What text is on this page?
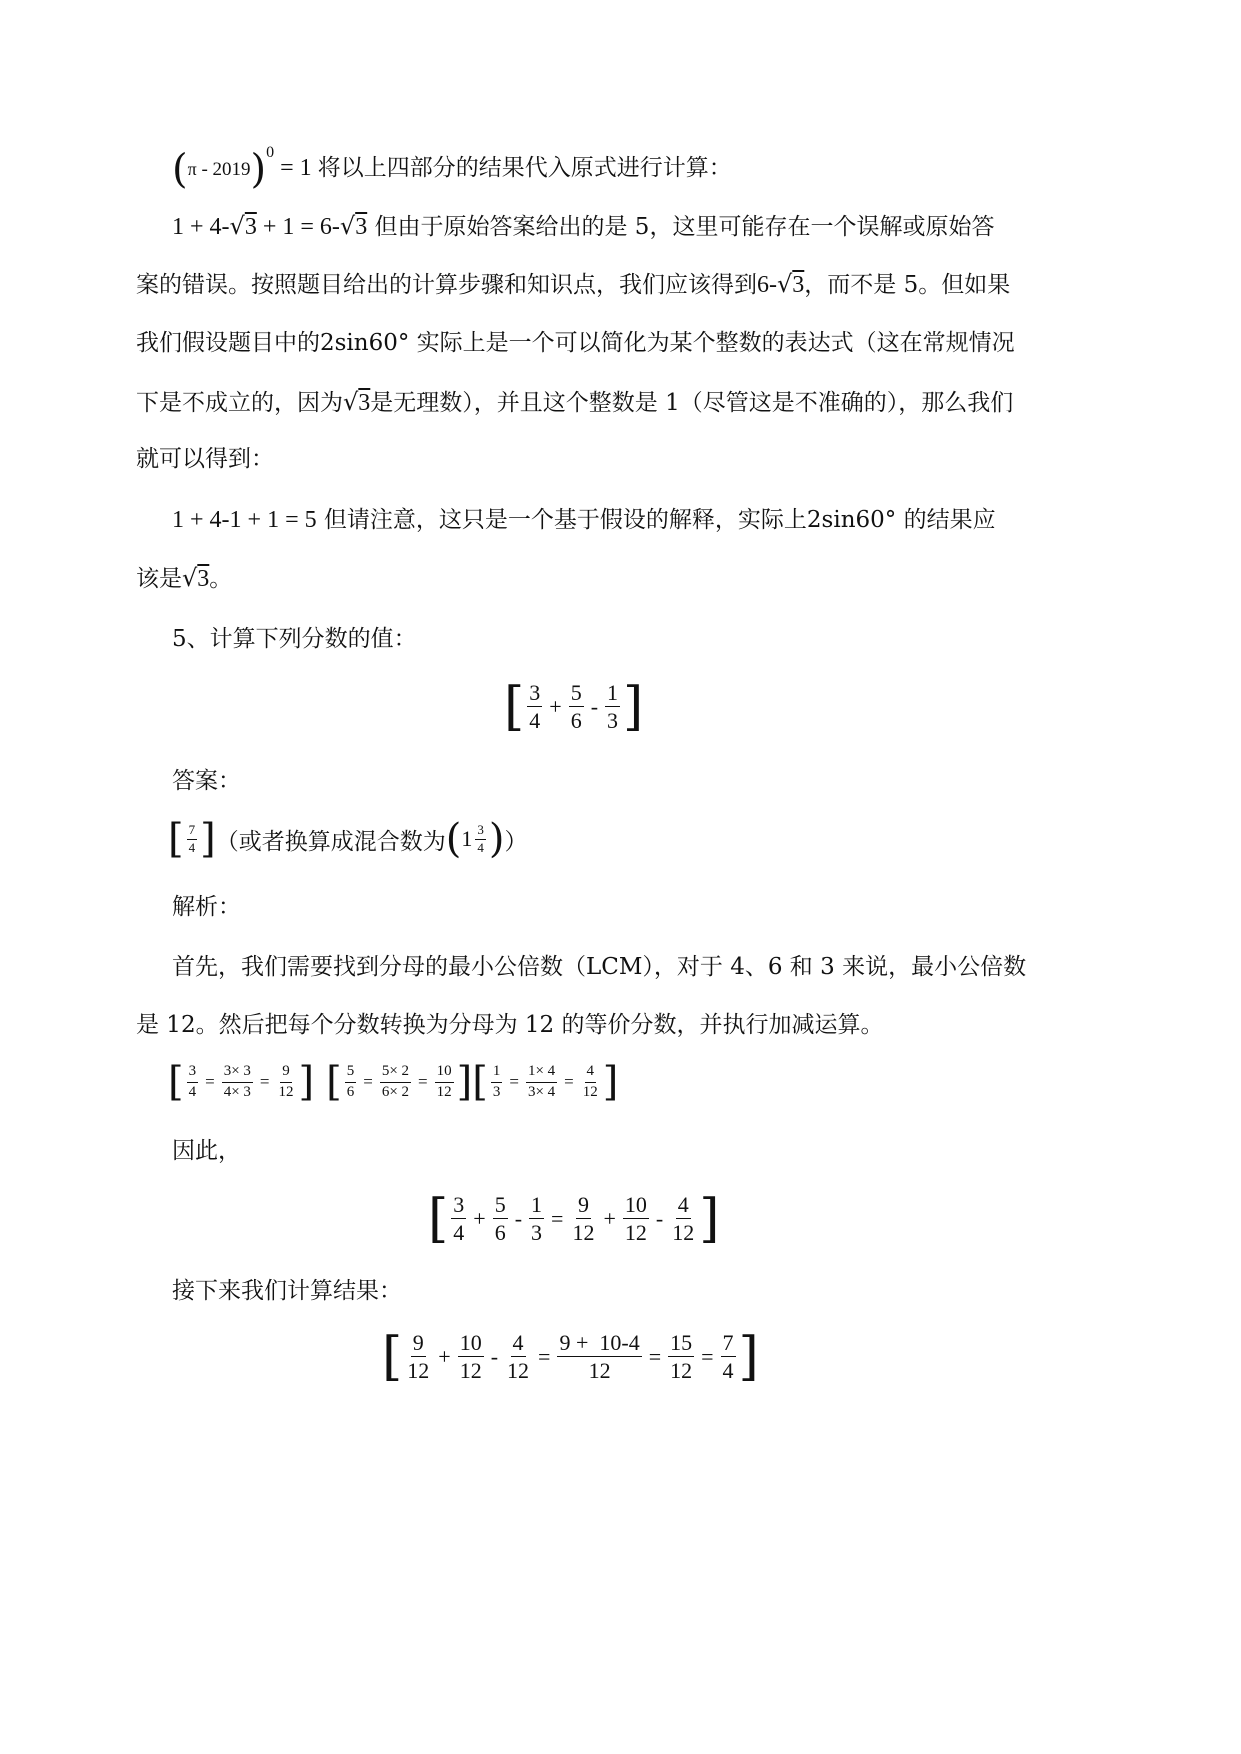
(π - 2019)$^0$ = 1 将以上四部分的结果代入原式进行计算：
1 + 4-√3 + 1 = 6-√3 但由于原始答案给出的是 5，这里可能存在一个误解或原始答
案的错误。按照题目给出的计算步骤和知识点，我们应该得到6-√3，而不是 5。但如果
我们假设题目中的2sin60° 实际上是一个可以简化为某个整数的表达式（这在常规情况
下是不成立的，因为√3是无理数），并且这个整数是 1（尽管这是不准确的），那么我们
就可以得到：
1 + 4-1 + 1 = 5 但请注意，这只是一个基于假设的解释，实际上2sin60° 的结果应
该是√3。
5、计算下列分数的值：
[ $\frac{3}{4} + \frac{5}{6} - \frac{1}{3}$ ]
答案：
[ $\frac{7}{4}$ ] （或者换算成混合数为 ( $1 \frac{3}{4}$ ) ）
解析：
首先，我们需要找到分母的最小公倍数（LCM），对于 4、6 和 3 来说，最小公倍数
是 12。然后把每个分数转换为分母为 12 的等价分数，并执行加减运算。
[ $\frac{3}{4} = \frac{3\times 3}{4\times 3} = \frac{9}{12}$ ] [ $\frac{5}{6} = \frac{5\times 2}{6\times 2} = \frac{10}{12}$ ] [ $\frac{1}{3} = \frac{1\times 4}{3\times 4} = \frac{4}{12}$ ]
因此，
[ $\frac{3}{4} + \frac{5}{6} - \frac{1}{3} = \frac{9}{12} + \frac{10}{12} - \frac{4}{12}$ ]
接下来我们计算结果：
[ $\frac{9}{12} + \frac{10}{12} - \frac{4}{12} = \frac{9 + 10-4}{12} = \frac{15}{12} = \frac{7}{4}$ ]
